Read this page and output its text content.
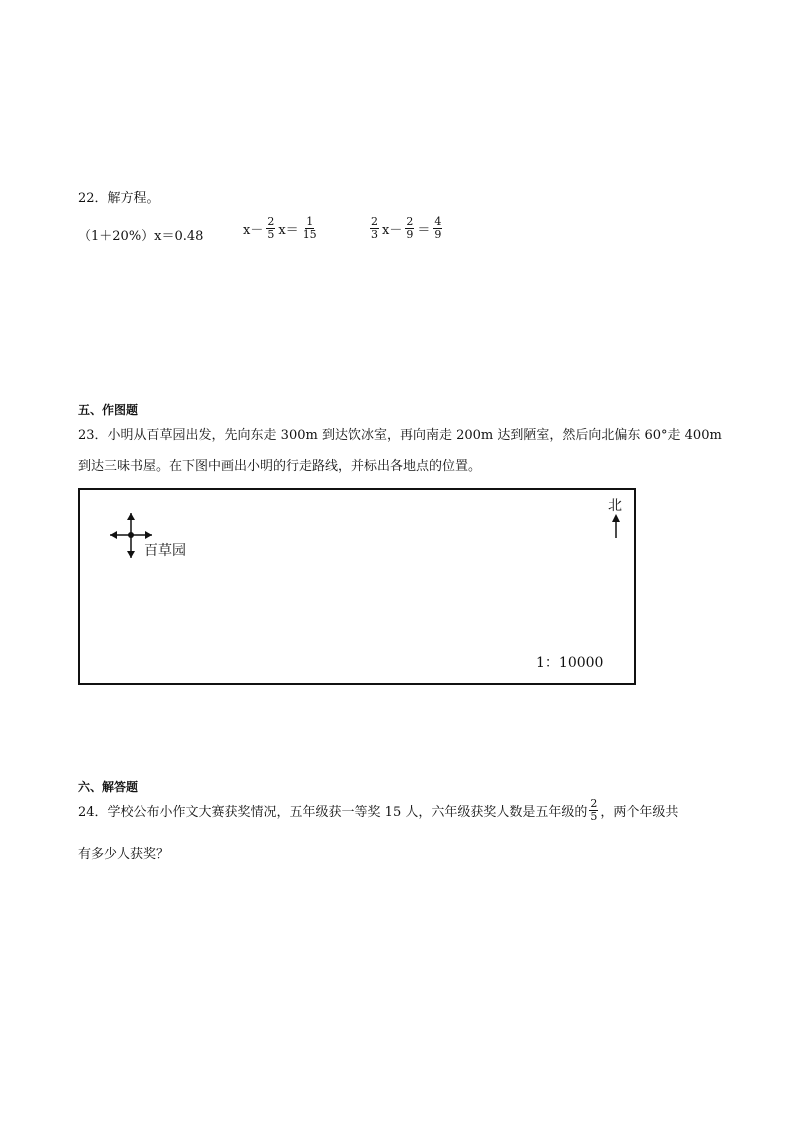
22．解方程。
（1＋20%）x＝0.48	$x- \frac{2}{5} x= \frac{1}{15}$	$\frac{2}{3} x- \frac{2}{9} = \frac{4}{9}$
五、作图题
23．小明从百草园出发，先向东走 300m 到达饮冰室，再向南走 200m 达到陋室，然后向北偏东 60°走 400m
到达三味书屋。在下图中画出小明的行走路线，并标出各地点的位置。
百草园
北
1：10000
六、解答题
24．学校公布小作文大赛获奖情况，五年级获一等奖 15 人，六年级获奖人数是五年级的 $\frac{2}{5}$ ，两个年级共
有多少人获奖？
